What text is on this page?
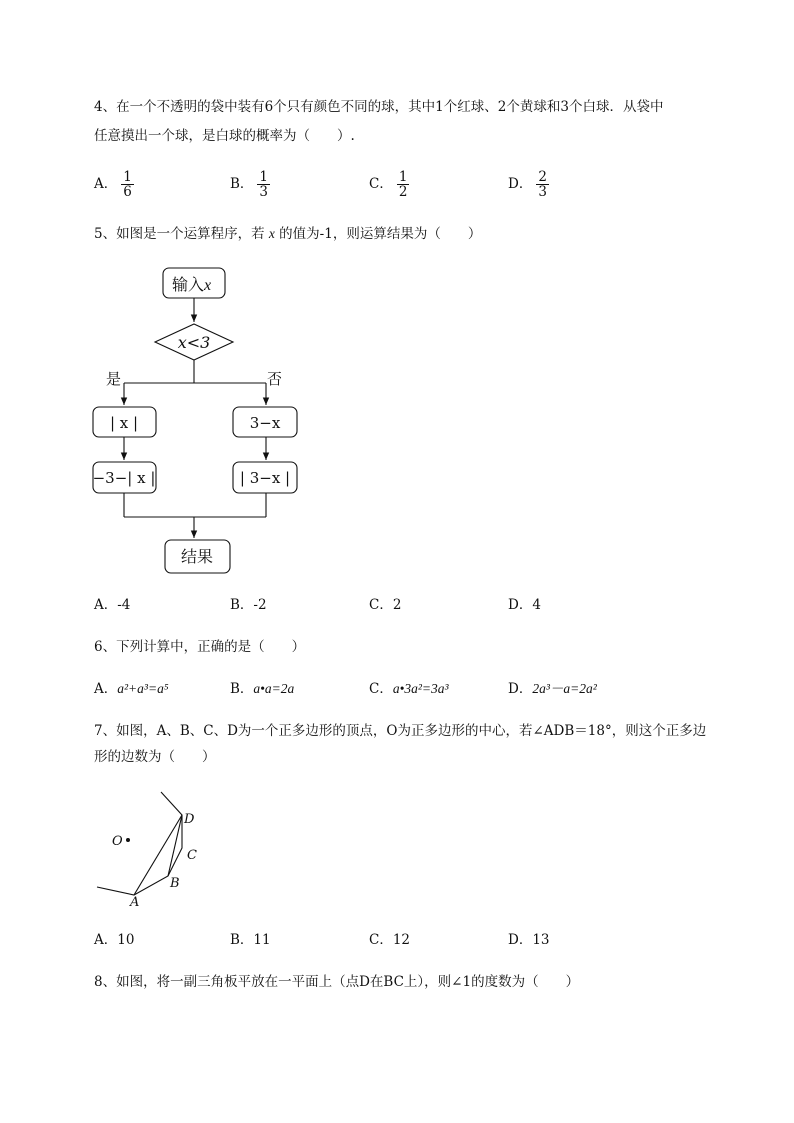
4、在一个不透明的袋中装有6个只有颜色不同的球，其中1个红球、2个黄球和3个白球．从袋中
任意摸出一个球，是白球的概率为（　　）.
A． $\frac{1}{6}$	B． $\frac{1}{3}$	C． $\frac{1}{2}$	D． $\frac{2}{3}$
5、如图是一个运算程序，若 x 的值为-1，则运算结果为（　　）
输入x
x<3
是	否
| x |	3−x
−3−| x |	| 3−x |
结果
A．-4	B．-2	C．2	D．4
6、下列计算中，正确的是（　　）
A．a²+a³=a⁵	B．a•a=2a	C．a•3a²=3a³	D．2a³－a=2a²
7、如图，A、B、C、D为一个正多边形的顶点，O为正多边形的中心，若∠ADB＝18°，则这个正多边
形的边数为（　　）
O
A
B
C
D
A．10	B．11	C．12	D．13
8、如图，将一副三角板平放在一平面上（点D在BC上），则∠1的度数为（　　）
